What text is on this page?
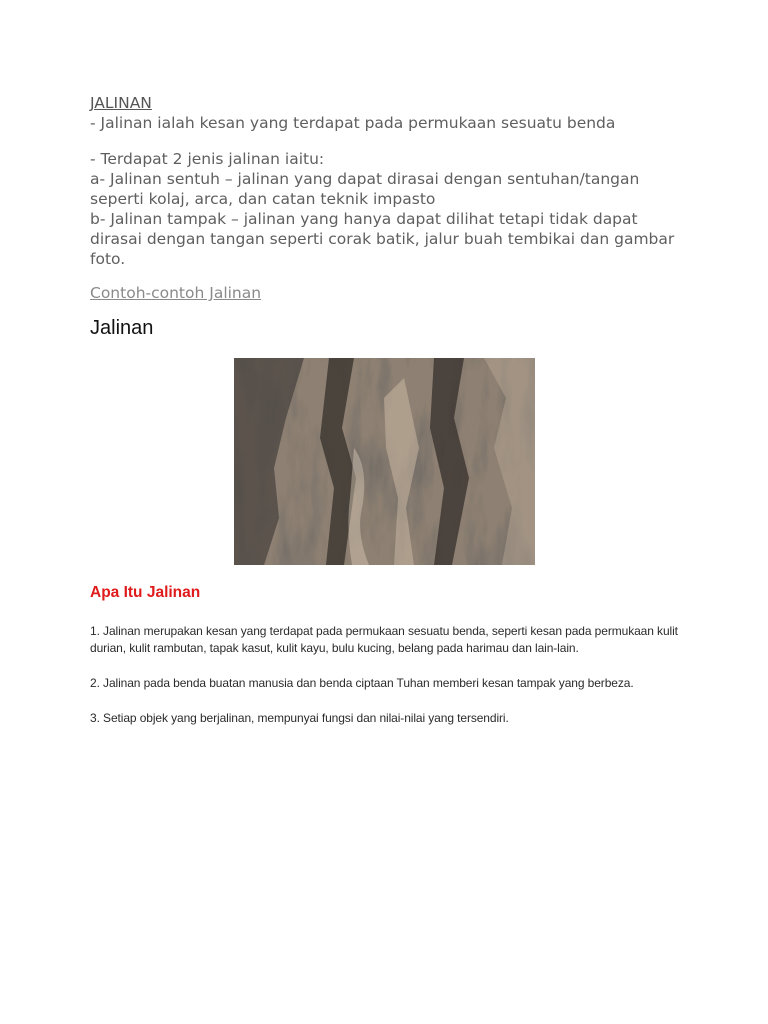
JALINAN

- Jalinan ialah kesan yang terdapat pada permukaan sesuatu benda

- Terdapat 2 jenis jalinan iaitu:

a- Jalinan sentuh – jalinan yang dapat dirasai dengan sentuhan/tangan seperti kolaj, arca, dan catan teknik impasto

b- Jalinan tampak – jalinan yang hanya dapat dilihat tetapi tidak dapat dirasai dengan tangan seperti corak batik, jalur buah tembikai dan gambar foto.

Contoh-contoh Jalinan
Jalinan
Apa Itu Jalinan

1. Jalinan merupakan kesan yang terdapat pada permukaan sesuatu benda, seperti kesan pada permukaan kulit durian, kulit rambutan, tapak kasut, kulit kayu, bulu kucing, belang pada harimau dan lain-lain.

2. Jalinan pada benda buatan manusia dan benda ciptaan Tuhan memberi kesan tampak yang berbeza.

3. Setiap objek yang berjalinan, mempunyai fungsi dan nilai-nilai yang tersendiri.
